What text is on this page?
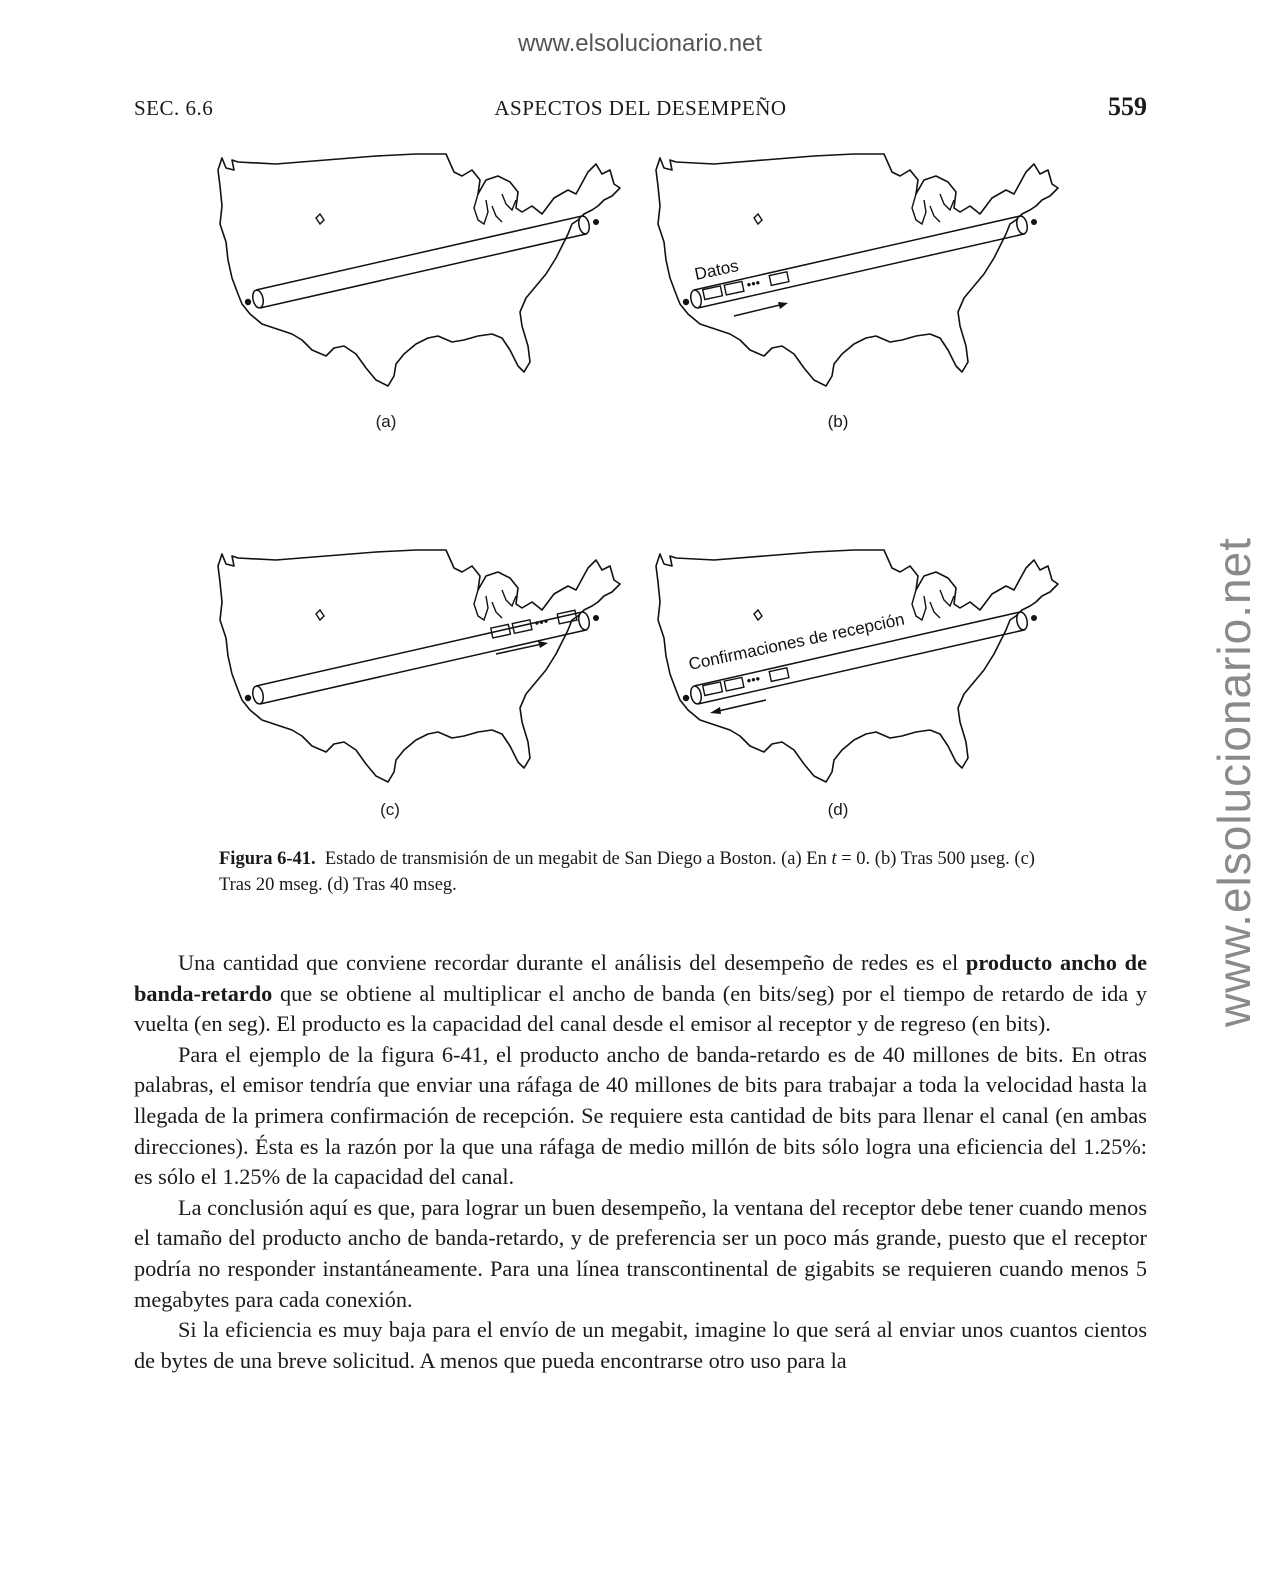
www.elsolucionario.net
www.elsolucionario.net
SEC. 6.6	ASPECTOS DEL DESEMPEÑO	559
(a)
•••
Datos
(b)
•••
(c)
•••
Confirmaciones de recepción
(d)
Figura 6-41. Estado de transmisión de un megabit de San Diego a Boston. (a) En t = 0. (b) Tras 500 µseg. (c) Tras 20 mseg. (d) Tras 40 mseg.

Una cantidad que conviene recordar durante el análisis del desempeño de redes es el producto ancho de banda-retardo que se obtiene al multiplicar el ancho de banda (en bits/seg) por el tiempo de retardo de ida y vuelta (en seg). El producto es la capacidad del canal desde el emisor al receptor y de regreso (en bits).

Para el ejemplo de la figura 6-41, el producto ancho de banda-retardo es de 40 millones de bits. En otras palabras, el emisor tendría que enviar una ráfaga de 40 millones de bits para trabajar a toda la velocidad hasta la llegada de la primera confirmación de recepción. Se requiere esta cantidad de bits para llenar el canal (en ambas direcciones). Ésta es la razón por la que una ráfaga de medio millón de bits sólo logra una eficiencia del 1.25%: es sólo el 1.25% de la capacidad del canal.

La conclusión aquí es que, para lograr un buen desempeño, la ventana del receptor debe tener cuando menos el tamaño del producto ancho de banda-retardo, y de preferencia ser un poco más grande, puesto que el receptor podría no responder instantáneamente. Para una línea transcontinental de gigabits se requieren cuando menos 5 megabytes para cada conexión.

Si la eficiencia es muy baja para el envío de un megabit, imagine lo que será al enviar unos cuantos cientos de bytes de una breve solicitud. A menos que pueda encontrarse otro uso para la
